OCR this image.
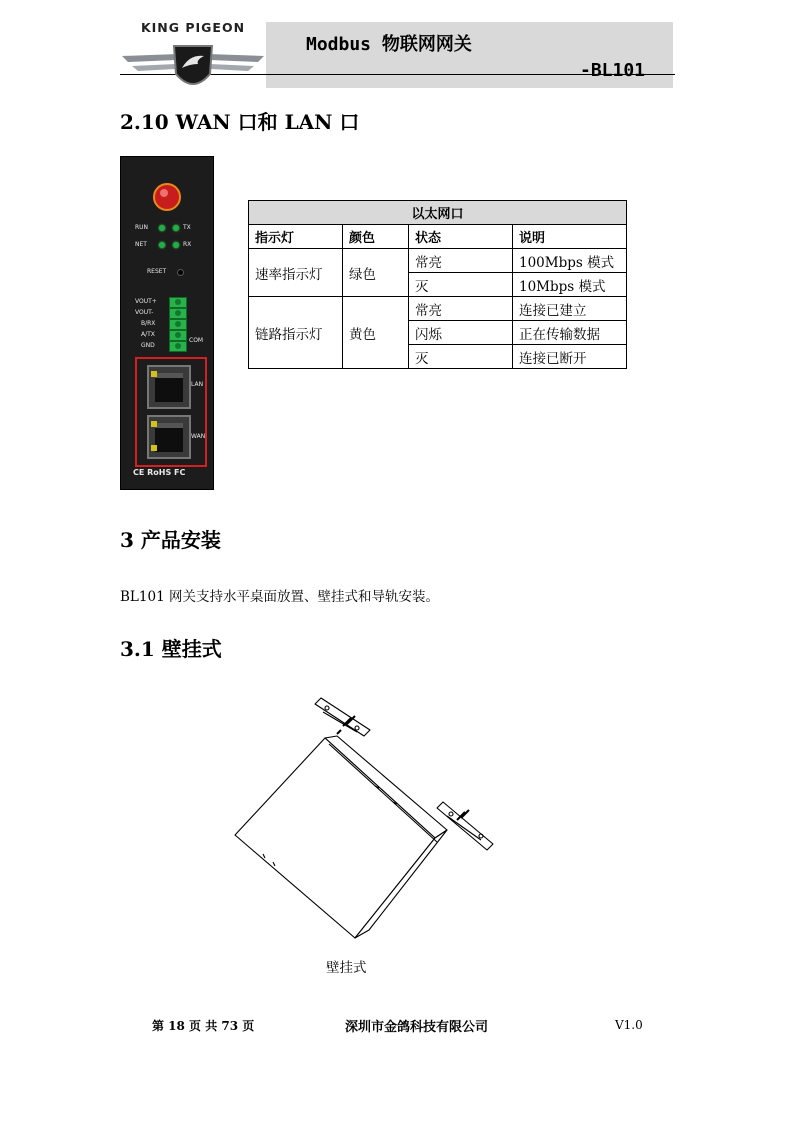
KING PIGEON
Modbus 物联网网关
-BL101
2.10 WAN 口和 LAN 口
RUN	TX
NET	RX
RESET
VOUT+
VOUT-
B/RX
A/TX
GND
COM
LAN
WAN
CE RoHS FC
以太网口			
指示灯	颜色	状态	说明
速率指示灯	绿色	常亮	100Mbps 模式
		灭	10Mbps 模式
链路指示灯	黄色	常亮	连接已建立
		闪烁	正在传输数据
		灭	连接已断开
3 产品安装
BL101 网关支持水平桌面放置、壁挂式和导轨安装。
3.1 壁挂式
壁挂式
第 18 页 共 73 页	深圳市金鸽科技有限公司	V1.0
